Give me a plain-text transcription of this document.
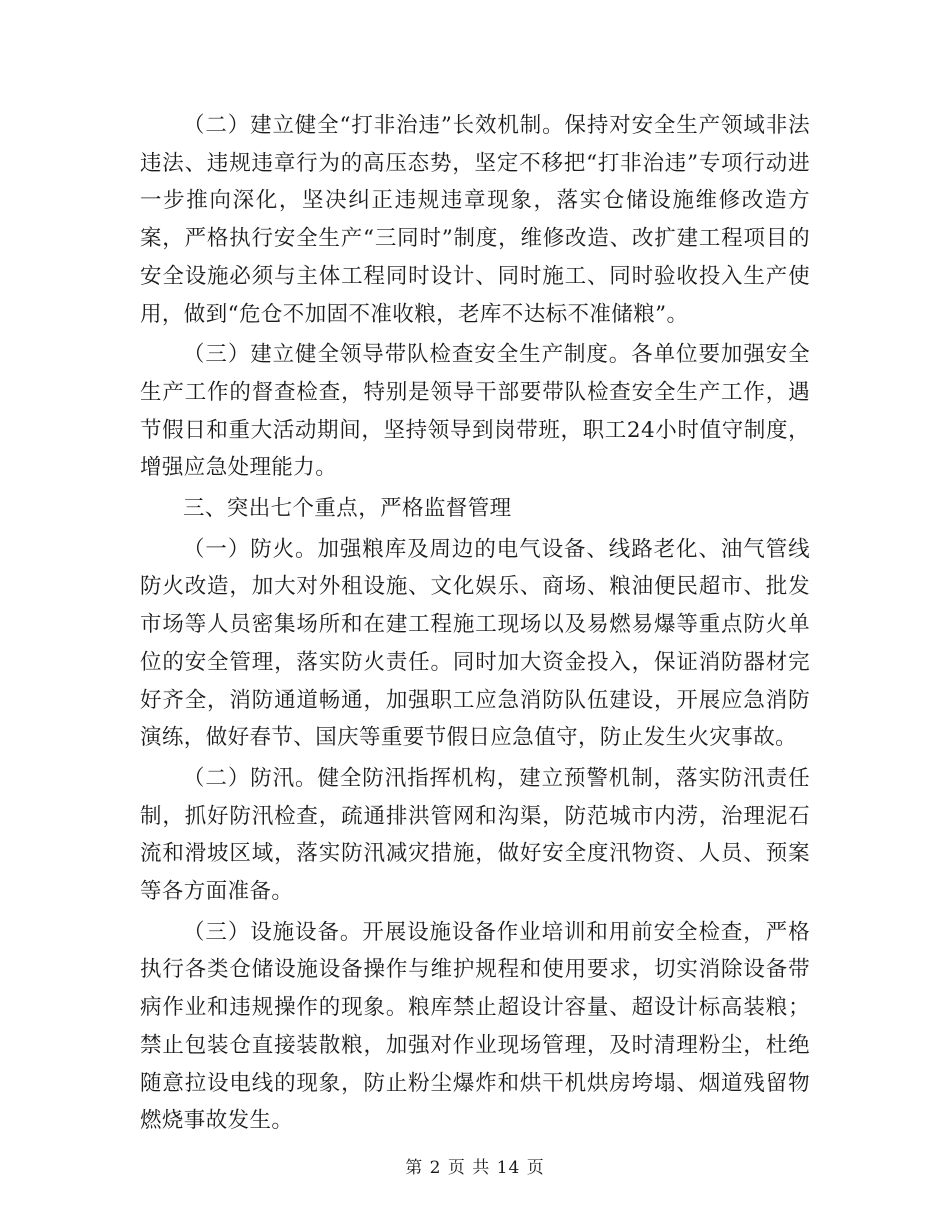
（二）建立健全“打非治违”长效机制。保持对安全生产领域非法违法、违规违章行为的高压态势，坚定不移把“打非治违”专项行动进一步推向深化，坚决纠正违规违章现象，落实仓储设施维修改造方案，严格执行安全生产“三同时”制度，维修改造、改扩建工程项目的安全设施必须与主体工程同时设计、同时施工、同时验收投入生产使用，做到“危仓不加固不准收粮，老库不达标不准储粮”。

（三）建立健全领导带队检查安全生产制度。各单位要加强安全生产工作的督查检查，特别是领导干部要带队检查安全生产工作，遇节假日和重大活动期间，坚持领导到岗带班，职工24小时值守制度，增强应急处理能力。

三、突出七个重点，严格监督管理

（一）防火。加强粮库及周边的电气设备、线路老化、油气管线防火改造，加大对外租设施、文化娱乐、商场、粮油便民超市、批发市场等人员密集场所和在建工程施工现场以及易燃易爆等重点防火单位的安全管理，落实防火责任。同时加大资金投入，保证消防器材完好齐全，消防通道畅通，加强职工应急消防队伍建设，开展应急消防演练，做好春节、国庆等重要节假日应急值守，防止发生火灾事故。

（二）防汛。健全防汛指挥机构，建立预警机制，落实防汛责任制，抓好防汛检查，疏通排洪管网和沟渠，防范城市内涝，治理泥石流和滑坡区域，落实防汛减灾措施，做好安全度汛物资、人员、预案等各方面准备。

（三）设施设备。开展设施设备作业培训和用前安全检查，严格执行各类仓储设施设备操作与维护规程和使用要求，切实消除设备带病作业和违规操作的现象。粮库禁止超设计容量、超设计标高装粮；禁止包装仓直接装散粮，加强对作业现场管理，及时清理粉尘，杜绝随意拉设电线的现象，防止粉尘爆炸和烘干机烘房垮塌、烟道残留物燃烧事故发生。

第 2 页 共 14 页
